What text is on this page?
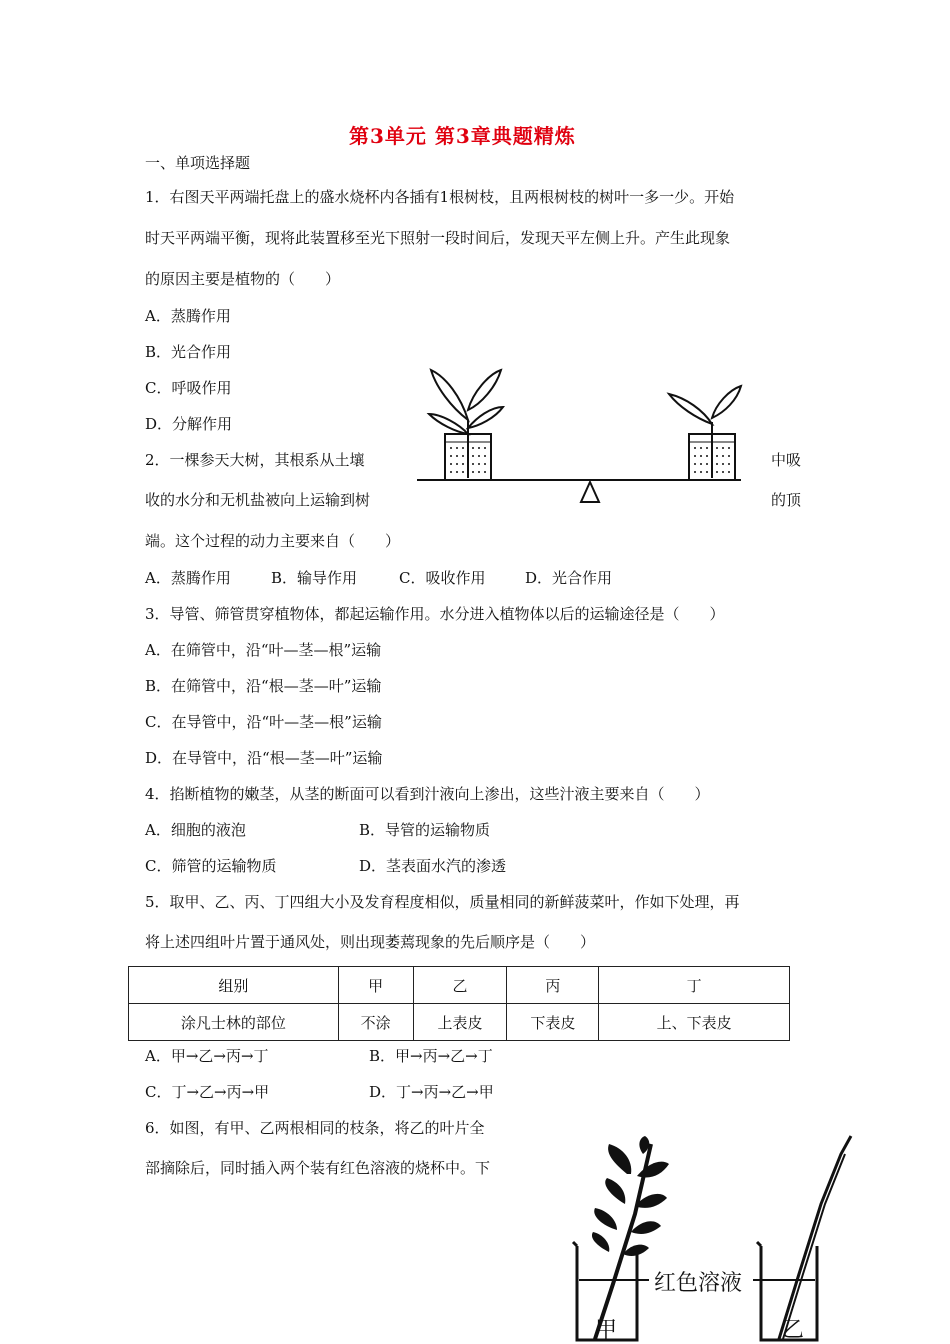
第3单元 第3章典题精炼
一、单项选择题
1．右图天平两端托盘上的盛水烧杯内各插有1根树枝，且两根树枝的树叶一多一少。开始
时天平两端平衡，现将此装置移至光下照射一段时间后，发现天平左侧上升。产生此现象
的原因主要是植物的（　　）
A．蒸腾作用
B．光合作用
C．呼吸作用
D．分解作用
2．一棵参天大树，其根系从土壤	中吸
收的水分和无机盐被向上运输到树	的顶
端。这个过程的动力主要来自（　　）
A．蒸腾作用	B．输导作用	C．吸收作用	D．光合作用
3．导管、筛管贯穿植物体，都起运输作用。水分进入植物体以后的运输途径是（　　）
A．在筛管中，沿“叶—茎—根”运输
B．在筛管中，沿“根—茎—叶”运输
C．在导管中，沿“叶—茎—根”运输
D．在导管中，沿“根—茎—叶”运输
4．掐断植物的嫩茎，从茎的断面可以看到汁液向上渗出，这些汁液主要来自（　　）
A．细胞的液泡	B．导管的运输物质
C．筛管的运输物质	D．茎表面水汽的渗透
5．取甲、乙、丙、丁四组大小及发育程度相似，质量相同的新鲜菠菜叶，作如下处理，再
将上述四组叶片置于通风处，则出现萎蔫现象的先后顺序是（　　）
组别	甲	乙	丙	丁
涂凡士林的部位	不涂	上表皮	下表皮	上、下表皮
A．甲→乙→丙→丁	B．甲→丙→乙→丁
C．丁→乙→丙→甲	D．丁→丙→乙→甲
6．如图，有甲、乙两根相同的枝条，将乙的叶片全
部摘除后，同时插入两个装有红色溶液的烧杯中。下
红色溶液
甲	乙
